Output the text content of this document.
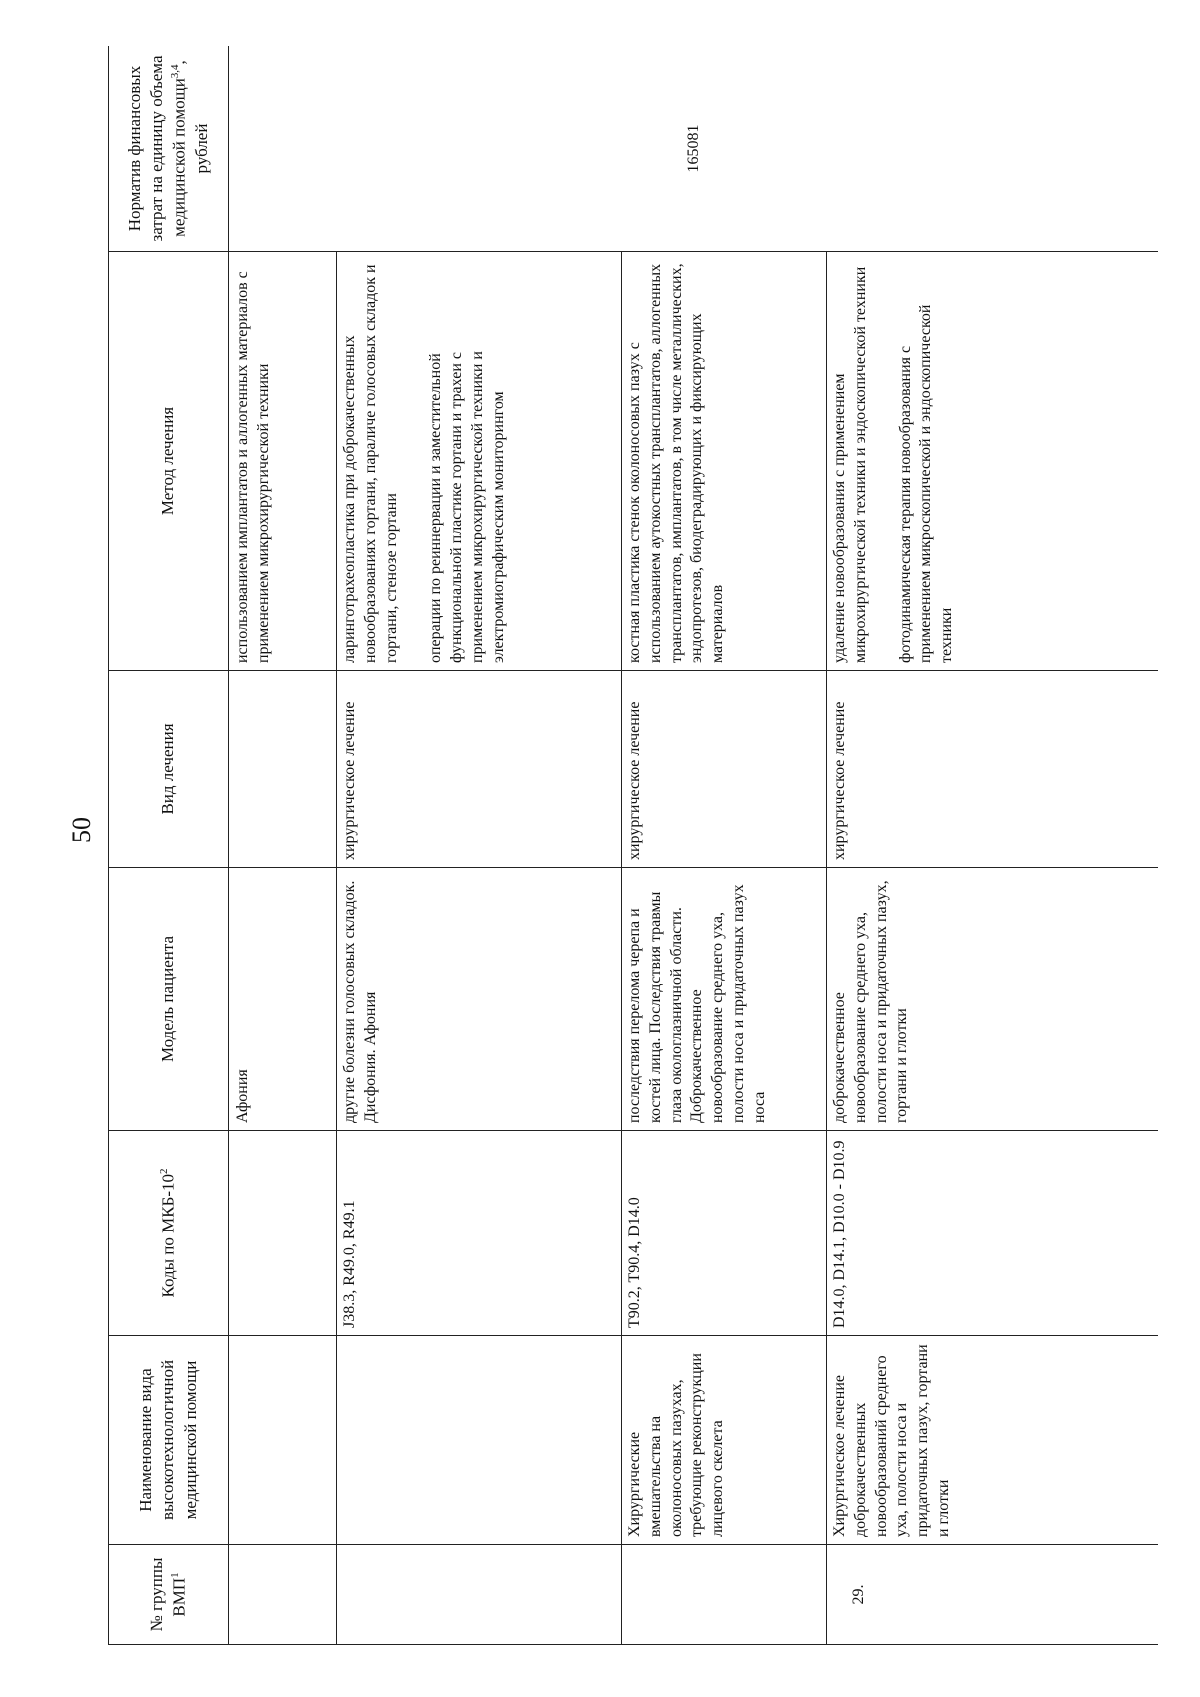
50
№ группы ВМП$^1$	Наименование вида высокотехнологичной медицинской помощи	Коды по МКБ-$10^2$	Модель пациента	Вид лечения	Метод лечения	Норматив финансовых затрат на единицу объема медицинской помощи$^{3,4}$, рублей
			Афония		использованием имплантатов и аллогенных материалов с применением микрохирургической техники	165081
		J38.3, R49.0, R49.1	другие болезни голосовых складок. Дисфония. Афония	хирургическое лечение	ларинготрахеопластика при доброкачественных новообразованиях гортани, параличе голосовых складок и гортани, стенозе гортани операции по реиннервации и заместительной функциональной пластике гортани и трахеи с применением микрохирургической техники и электромиографическим мониторингом	

	Хирургические вмешательства на околоносовых пазухах, требующие реконструкции лицевого скелета	T90.2, T90.4, D14.0	последствия перелома черепа и костей лица. Последствия травмы глаза окологлазничной области. Доброкачественное новообразование среднего уха, полости носа и придаточных пазух носа	хирургическое лечение	костная пластика стенок околоносовых пазух с использованием аутокостных трансплантатов, аллогенных трансплантатов, имплантатов, в том числе металлических, эндопротезов, биодеградирующих и фиксирующих материалов	

29.	Хирургическое лечение доброкачественных новообразований среднего уха, полости носа и придаточных пазух, гортани и глотки	D14.0, D14.1, D10.0 - D10.9	доброкачественное новообразование среднего уха, полости носа и придаточных пазух, гортани и глотки	хирургическое лечение	удаление новообразования с применением микрохирургической техники и эндоскопической техники фотодинамическая терапия новообразования с применением микроскопической и эндоскопической техники	
